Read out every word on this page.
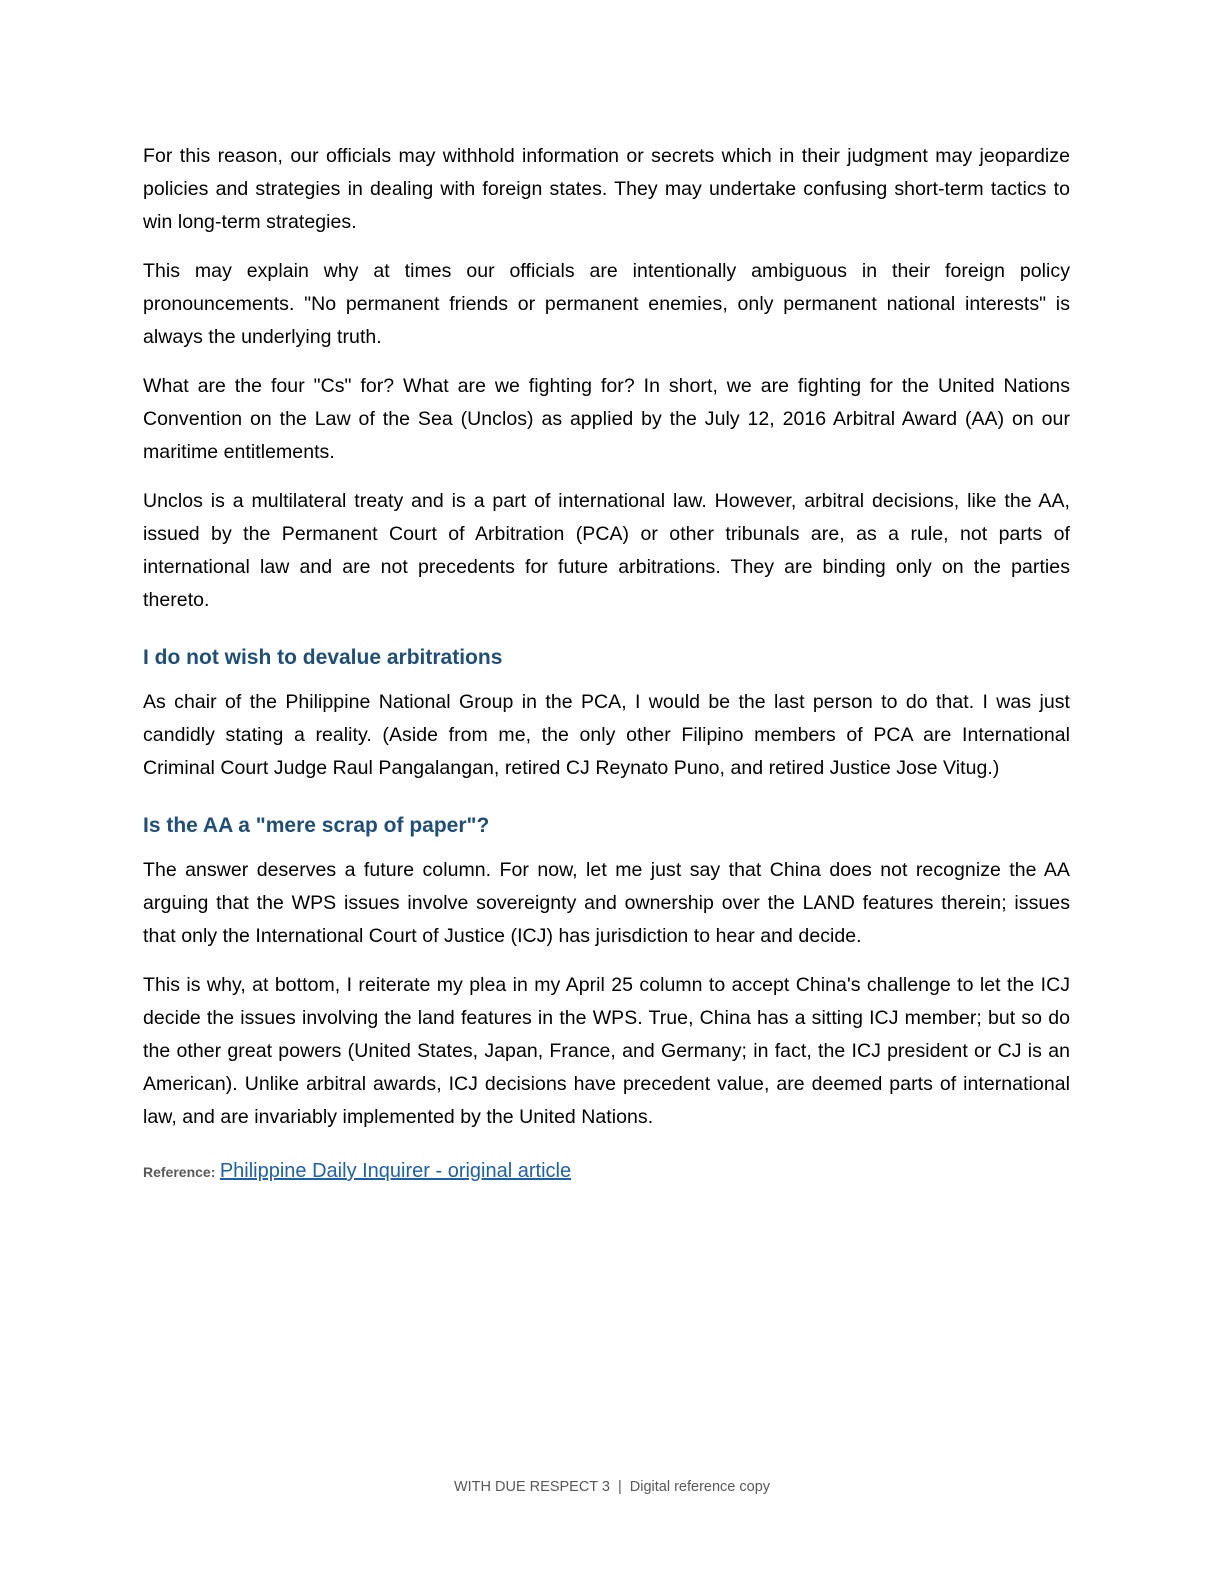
For this reason, our officials may withhold information or secrets which in their judgment may jeopardize policies and strategies in dealing with foreign states. They may undertake confusing short-term tactics to win long-term strategies.

This may explain why at times our officials are intentionally ambiguous in their foreign policy pronouncements. "No permanent friends or permanent enemies, only permanent national interests" is always the underlying truth.

What are the four "Cs" for? What are we fighting for? In short, we are fighting for the United Nations Convention on the Law of the Sea (Unclos) as applied by the July 12, 2016 Arbitral Award (AA) on our maritime entitlements.

Unclos is a multilateral treaty and is a part of international law. However, arbitral decisions, like the AA, issued by the Permanent Court of Arbitration (PCA) or other tribunals are, as a rule, not parts of international law and are not precedents for future arbitrations. They are binding only on the parties thereto.

I do not wish to devalue arbitrations

As chair of the Philippine National Group in the PCA, I would be the last person to do that. I was just candidly stating a reality. (Aside from me, the only other Filipino members of PCA are International Criminal Court Judge Raul Pangalangan, retired CJ Reynato Puno, and retired Justice Jose Vitug.)

Is the AA a "mere scrap of paper"?

The answer deserves a future column. For now, let me just say that China does not recognize the AA arguing that the WPS issues involve sovereignty and ownership over the LAND features therein; issues that only the International Court of Justice (ICJ) has jurisdiction to hear and decide.

This is why, at bottom, I reiterate my plea in my April 25 column to accept China's challenge to let the ICJ decide the issues involving the land features in the WPS. True, China has a sitting ICJ member; but so do the other great powers (United States, Japan, France, and Germany; in fact, the ICJ president or CJ is an American). Unlike arbitral awards, ICJ decisions have precedent value, are deemed parts of international law, and are invariably implemented by the United Nations.

Reference: Philippine Daily Inquirer - original article
WITH DUE RESPECT 3 | Digital reference copy
